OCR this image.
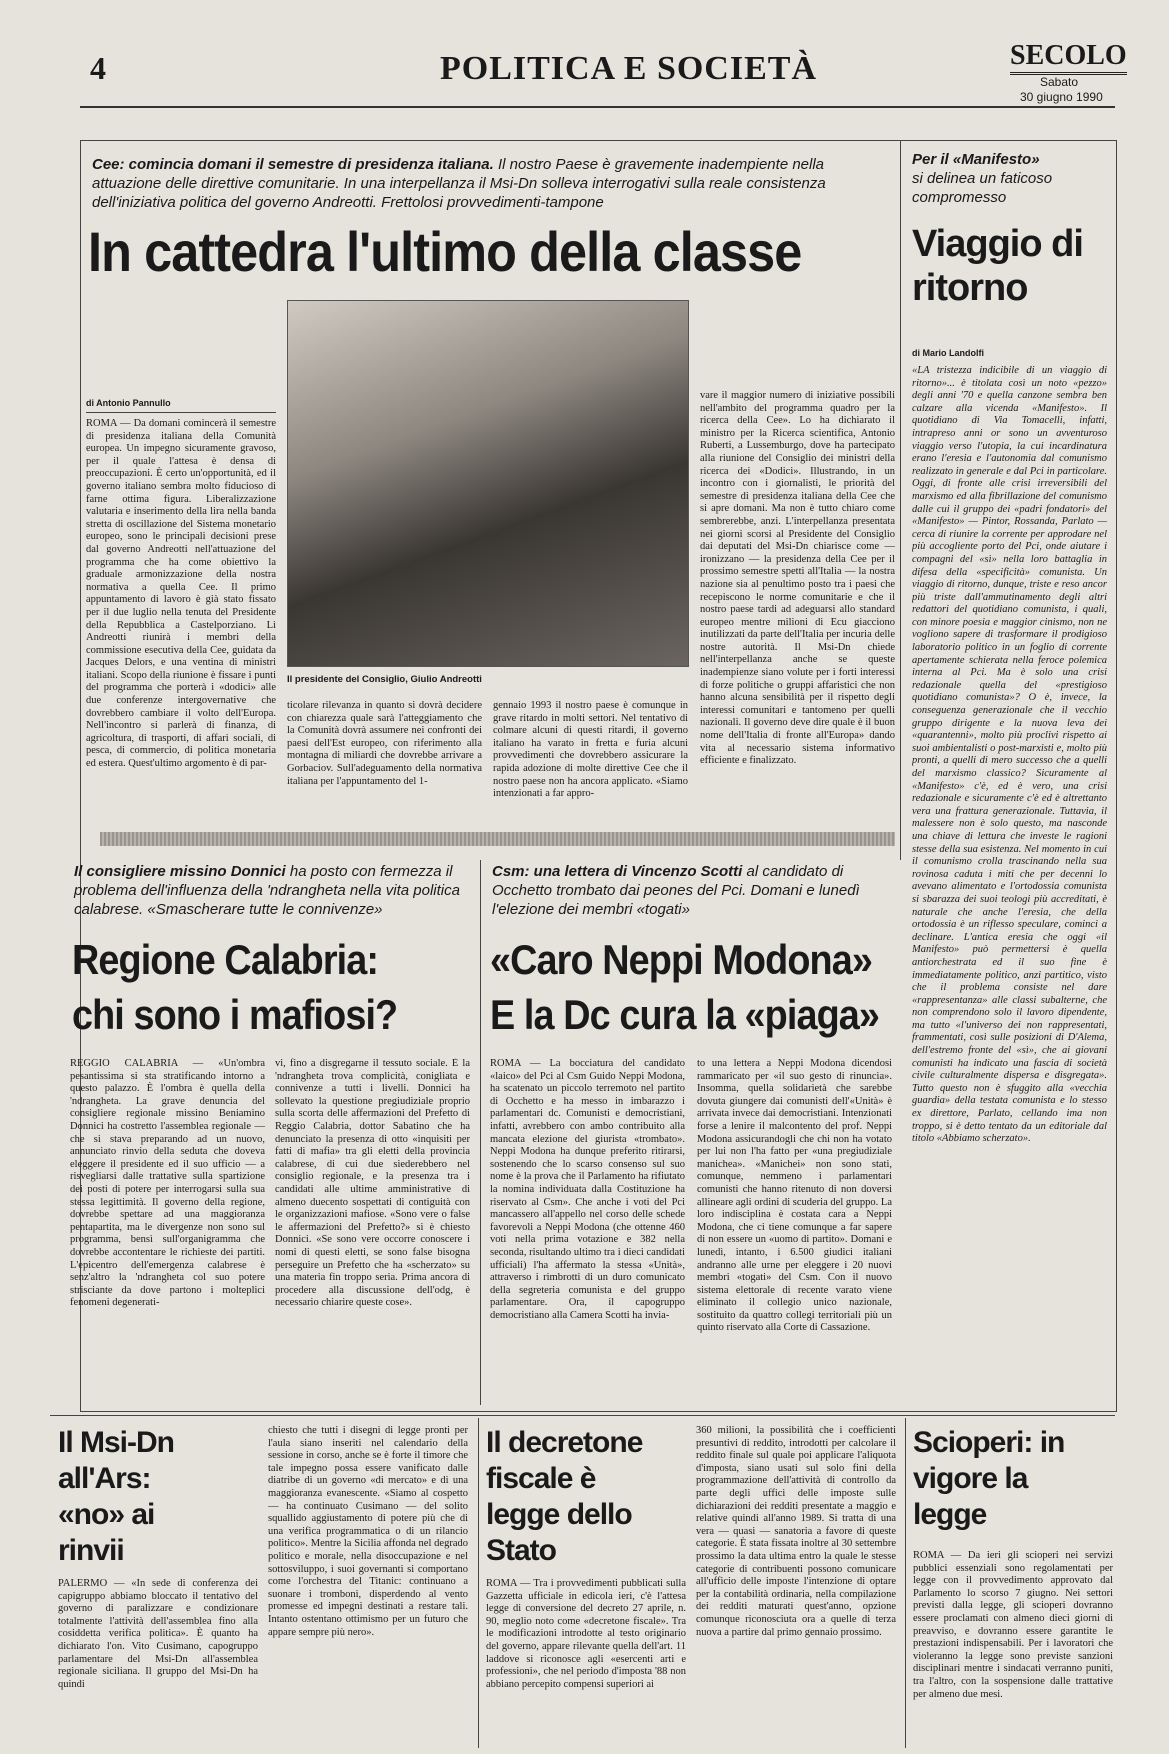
4	POLITICA E SOCIETÀ	SECOLO
Sabato
30 giugno 1990
Cee: comincia domani il semestre di presidenza italiana. Il nostro Paese è gravemente inadempiente nella attuazione delle direttive comunitarie. In una interpellanza il Msi-Dn solleva interrogativi sulla reale consistenza dell'iniziativa politica del governo Andreotti. Frettolosi provvedimenti-tampone
In cattedra l'ultimo della classe
di Antonio Pannullo
Il presidente del Consiglio, Giulio Andreotti
ROMA — Da domani comincerà il semestre di presidenza italiana della Comunità europea. Un impegno sicuramente gravoso, per il quale l'attesa è densa di preoccupazioni. È certo un'opportunità, ed il governo italiano sembra molto fiducioso di farne ottima figura. Liberalizzazione valutaria e inserimento della lira nella banda stretta di oscillazione del Sistema monetario europeo, sono le principali decisioni prese dal governo Andreotti nell'attuazione del programma che ha come obiettivo la graduale armonizzazione della nostra normativa a quella Cee. Il primo appuntamento di lavoro è già stato fissato per il due luglio nella tenuta del Presidente della Repubblica a Castelporziano. Lì Andreotti riunirà i membri della commissione esecutiva della Cee, guidata da Jacques Delors, e una ventina di ministri italiani. Scopo della riunione è fissare i punti del programma che porterà i «dodici» alle due conferenze intergovernative che dovrebbero cambiare il volto dell'Europa. Nell'incontro si parlerà di finanza, di agricoltura, di trasporti, di affari sociali, di pesca, di commercio, di politica monetaria ed estera. Quest'ultimo argomento è di par-
ticolare rilevanza in quanto si dovrà decidere con chiarezza quale sarà l'atteggiamento che la Comunità dovrà assumere nei confronti dei paesi dell'Est europeo, con riferimento alla montagna di miliardi che dovrebbe arrivare a Gorbaciov. Sull'adeguamento della normativa italiana per l'appuntamento del 1-
gennaio 1993 il nostro paese è comunque in grave ritardo in molti settori. Nel tentativo di colmare alcuni di questi ritardi, il governo italiano ha varato in fretta e furia alcuni provvedimenti che dovrebbero assicurare la rapida adozione di molte direttive Cee che il nostro paese non ha ancora applicato. «Siamo intenzionati a far appro-
vare il maggior numero di iniziative possibili nell'ambito del programma quadro per la ricerca della Cee». Lo ha dichiarato il ministro per la Ricerca scientifica, Antonio Ruberti, a Lussemburgo, dove ha partecipato alla riunione del Consiglio dei ministri della ricerca dei «Dodici». Illustrando, in un incontro con i giornalisti, le priorità del semestre di presidenza italiana della Cee che si apre domani. Ma non è tutto chiaro come sembrerebbe, anzi. L'interpellanza presentata nei giorni scorsi al Presidente del Consiglio dai deputati del Msi-Dn chiarisce come — ironizzano — la presidenza della Cee per il prossimo semestre spetti all'Italia — la nostra nazione sia al penultimo posto tra i paesi che recepiscono le norme comunitarie e che il nostro paese tardi ad adeguarsi allo standard europeo mentre milioni di Ecu giacciono inutilizzati da parte dell'Italia per incuria delle nostre autorità. Il Msi-Dn chiede nell'interpellanza anche se queste inadempienze siano volute per i forti interessi di forze politiche o gruppi affaristici che non hanno alcuna sensibilità per il rispetto degli interessi comunitari e tantomeno per quelli nazionali. Il governo deve dire quale è il buon nome dell'Italia di fronte all'Europa» dando vita al necessario sistema informativo efficiente e finalizzato.
Per il «Manifesto»
si delinea un faticoso compromesso
Viaggio di ritorno
di Mario Landolfi
«LA tristezza indicibile di un viaggio di ritorno»... è titolata così un noto «pezzo» degli anni '70 e quella canzone sembra ben calzare alla vicenda «Manifesto». Il quotidiano di Via Tomacelli, infatti, intrapreso anni or sono un avventuroso viaggio verso l'utopia, la cui incardinatura erano l'eresia e l'autonomia dal comunismo realizzato in generale e dal Pci in particolare. Oggi, di fronte alle crisi irreversibili del marxismo ed alla fibrillazione del comunismo dalle cui il gruppo dei «padri fondatori» del «Manifesto» — Pintor, Rossanda, Parlato — cerca di riunire la corrente per approdare nel più accogliente porto del Pci, onde aiutare i compagni del «sì» nella loro battaglia in difesa della «specificità» comunista. Un viaggio di ritorno, dunque, triste e reso ancor più triste dall'ammutinamento degli altri redattori del quotidiano comunista, i quali, con minore poesia e maggior cinismo, non ne vogliono sapere di trasformare il prodigioso laboratorio politico in un foglio di corrente apertamente schierata nella feroce polemica interna al Pci. Ma è solo una crisi redazionale quella del «prestigioso quotidiano comunista»? O è, invece, la conseguenza generazionale che il vecchio gruppo dirigente e la nuova leva dei «quarantenni», molto più proclivi rispetto ai suoi ambientalisti o post-marxisti e, molto più pronti, a quelli di mero successo che a quelli del marxismo classico? Sicuramente al «Manifesto» c'è, ed è vero, una crisi redazionale e sicuramente c'è ed è altrettanto vera una frattura generazionale. Tuttavia, il malessere non è solo questo, ma nasconde una chiave di lettura che investe le ragioni stesse della sua esistenza. Nel momento in cui il comunismo crolla trascinando nella sua rovinosa caduta i miti che per decenni lo avevano alimentato e l'ortodossia comunista si sbarazza dei suoi teologi più accreditati, è naturale che anche l'eresia, che della ortodossia è un riflesso speculare, cominci a declinare. L'antica eresia che oggi «il Manifesto» può permettersi è quella antiorchestrata ed il suo fine è immediatamente politico, anzi partitico, visto che il problema consiste nel dare «rappresentanza» alle classi subalterne, che non comprendono solo il lavoro dipendente, ma tutto «l'universo dei non rappresentati, frammentati, così sulle posizioni di D'Alema, dell'estremo fronte del «sì», che ai giovani comunisti ha indicato una fascia di società civile culturalmente dispersa e disgregata». Tutto questo non è sfuggito alla «vecchia guardia» della testata comunista e lo stesso ex direttore, Parlato, cellando ima non troppo, si è detto tentato da un editoriale dal titolo «Abbiamo scherzato».
Il consigliere missino Donnici ha posto con fermezza il problema dell'influenza della 'ndrangheta nella vita politica calabrese. «Smascherare tutte le connivenze»
Regione Calabria:
chi sono i mafiosi?
REGGIO CALABRIA — «Un'ombra pesantissima si sta stratificando intorno a questo palazzo. È l'ombra è quella della 'ndrangheta. La grave denuncia del consigliere regionale missino Beniamino Donnici ha costretto l'assemblea regionale — che si stava preparando ad un nuovo, annunciato rinvio della seduta che doveva eleggere il presidente ed il suo ufficio — a risvegliarsi dalle trattative sulla spartizione dei posti di potere per interrogarsi sulla sua stessa legittimità. Il governo della regione, dovrebbe spettare ad una maggioranza pentapartita, ma le divergenze non sono sul programma, bensì sull'organigramma che dovrebbe accontentare le richieste dei partiti. L'epicentro dell'emergenza calabrese è senz'altro la 'ndrangheta col suo potere strisciante da dove partono i molteplici fenomeni degenerati-
vi, fino a disgregarne il tessuto sociale. È la 'ndrangheta trova complicità, conigliata e connivenze a tutti i livelli. Donnici ha sollevato la questione pregiudiziale proprio sulla scorta delle affermazioni del Prefetto di Reggio Calabria, dottor Sabatino che ha denunciato la presenza di otto «inquisiti per fatti di mafia» tra gli eletti della provincia calabrese, di cui due siederebbero nel consiglio regionale, e la presenza tra i candidati alle ultime amministrative di almeno duecento sospettati di contiguità con le organizzazioni mafiose. «Sono vere o false le affermazioni del Prefetto?» si è chiesto Donnici. «Se sono vere occorre conoscere i nomi di questi eletti, se sono false bisogna perseguire un Prefetto che ha «scherzato» su una materia fin troppo seria. Prima ancora di procedere alla discussione dell'odg, è necessario chiarire queste cose».
Csm: una lettera di Vincenzo Scotti al candidato di Occhetto trombato dai peones del Pci. Domani e lunedì l'elezione dei membri «togati»
«Caro Neppi Modona»
E la Dc cura la «piaga»
ROMA — La bocciatura del candidato «laico» del Pci al Csm Guido Neppi Modona, ha scatenato un piccolo terremoto nel partito di Occhetto e ha messo in imbarazzo i parlamentari dc. Comunisti e democristiani, infatti, avrebbero con ambo contribuito alla mancata elezione del giurista «trombato». Neppi Modona ha dunque preferito ritirarsi, sostenendo che lo scarso consenso sul suo nome è la prova che il Parlamento ha rifiutato la nomina individuata dalla Costituzione ha riservato al Csm». Che anche i voti del Pci mancassero all'appello nel corso delle schede favorevoli a Neppi Modona (che ottenne 460 voti nella prima votazione e 382 nella seconda, risultando ultimo tra i dieci candidati ufficiali) l'ha affermato la stessa «Unità», attraverso i rimbrotti di un duro comunicato della segreteria comunista e del gruppo parlamentare. Ora, il capogruppo democristiano alla Camera Scotti ha invia-
to una lettera a Neppi Modona dicendosi rammaricato per «il suo gesto di rinuncia». Insomma, quella solidarietà che sarebbe dovuta giungere dai comunisti dell'«Unità» è arrivata invece dai democristiani. Intenzionati forse a lenire il malcontento del prof. Neppi Modona assicurandogli che chi non ha votato per lui non l'ha fatto per «una pregiudiziale manichea». «Manichei» non sono stati, comunque, nemmeno i parlamentari comunisti che hanno ritenuto di non doversi allineare agli ordini di scuderia del gruppo. La loro indisciplina è costata cara a Neppi Modona, che ci tiene comunque a far sapere di non essere un «uomo di partito». Domani e lunedì, intanto, i 6.500 giudici italiani andranno alle urne per eleggere i 20 nuovi membri «togati» del Csm. Con il nuovo sistema elettorale di recente varato viene eliminato il collegio unico nazionale, sostituito da quattro collegi territoriali più un quinto riservato alla Corte di Cassazione.
Il Msi-Dn all'Ars: «no» ai rinvii
PALERMO — «In sede di conferenza dei capigruppo abbiamo bloccato il tentativo del governo di paralizzare e condizionare totalmente l'attività dell'assemblea fino alla cosiddetta verifica politica». È quanto ha dichiarato l'on. Vito Cusimano, capogruppo parlamentare del Msi-Dn all'assemblea regionale siciliana. Il gruppo del Msi-Dn ha quindi
chiesto che tutti i disegni di legge pronti per l'aula siano inseriti nel calendario della sessione in corso, anche se è forte il timore che tale impegno possa essere vanificato dalle diatribe di un governo «di mercato» e di una maggioranza evanescente. «Siamo al cospetto — ha continuato Cusimano — del solito squallido aggiustamento di potere più che di una verifica programmatica o di un rilancio politico». Mentre la Sicilia affonda nel degrado politico e morale, nella disoccupazione e nel sottosviluppo, i suoi governanti si comportano come l'orchestra del Titanic: continuano a suonare i tromboni, disperdendo al vento promesse ed impegni destinati a restare tali. Intanto ostentano ottimismo per un futuro che appare sempre più nero».
Il decretone fiscale è legge dello Stato
ROMA — Tra i provvedimenti pubblicati sulla Gazzetta ufficiale in edicola ieri, c'è l'attesa legge di conversione del decreto 27 aprile, n. 90, meglio noto come «decretone fiscale». Tra le modificazioni introdotte al testo originario del governo, appare rilevante quella dell'art. 11 laddove si riconosce agli «esercenti arti e professioni», che nel periodo d'imposta '88 non abbiano percepito compensi superiori ai
360 milioni, la possibilità che i coefficienti presuntivi di reddito, introdotti per calcolare il reddito finale sul quale poi applicare l'aliquota d'imposta, siano usati sul solo fini della programmazione dell'attività di controllo da parte degli uffici delle imposte sulle dichiarazioni dei redditi presentate a maggio e relative quindi all'anno 1989. Si tratta di una vera — quasi — sanatoria a favore di queste categorie. È stata fissata inoltre al 30 settembre prossimo la data ultima entro la quale le stesse categorie di contribuenti possono comunicare all'ufficio delle imposte l'intenzione di optare per la contabilità ordinaria, nella compilazione dei redditi maturati quest'anno, opzione comunque riconosciuta ora a quelle di terza nuova a partire dal primo gennaio prossimo.
Scioperi: in vigore la legge
ROMA — Da ieri gli scioperi nei servizi pubblici essenziali sono regolamentati per legge con il provvedimento approvato dal Parlamento lo scorso 7 giugno. Nei settori previsti dalla legge, gli scioperi dovranno essere proclamati con almeno dieci giorni di preavviso, e dovranno essere garantite le prestazioni indispensabili. Per i lavoratori che violeranno la legge sono previste sanzioni disciplinari mentre i sindacati verranno puniti, tra l'altro, con la sospensione dalle trattative per almeno due mesi.
